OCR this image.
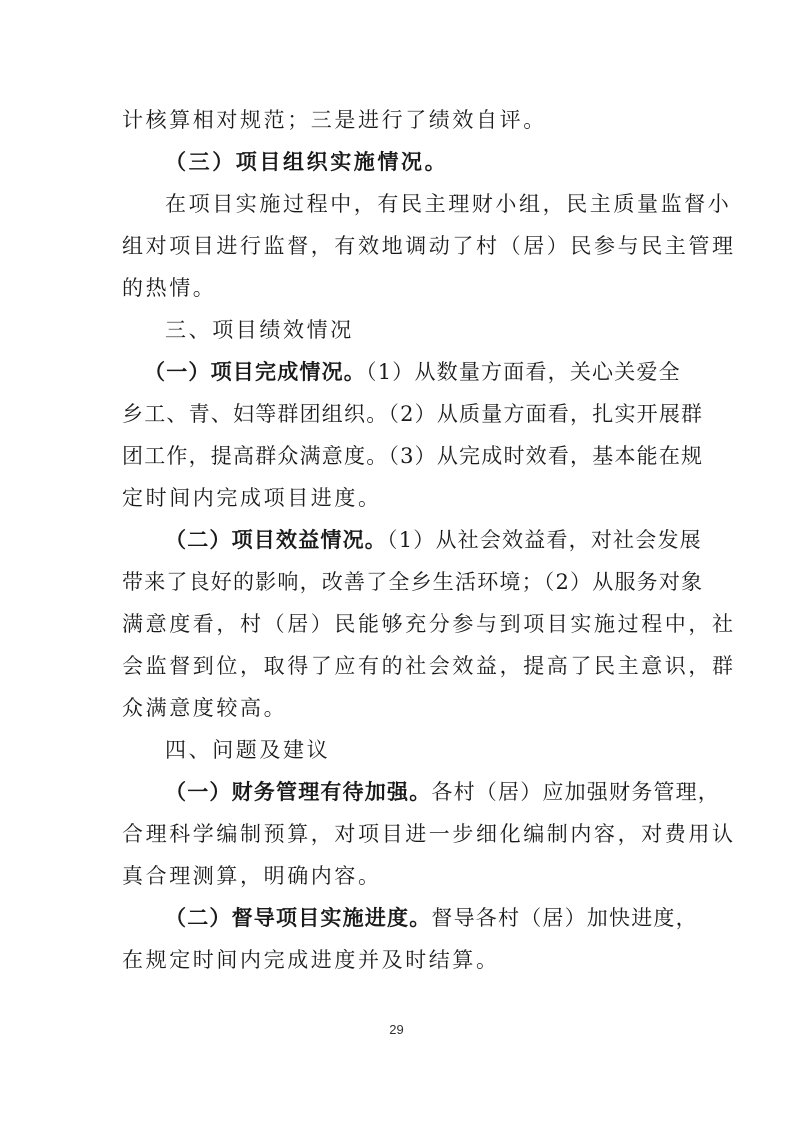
计核算相对规范；三是进行了绩效自评。
（三）项目组织实施情况。
在项目实施过程中，有民主理财小组，民主质量监督小
组对项目进行监督，有效地调动了村（居）民参与民主管理
的热情。
三、项目绩效情况
（一）项目完成情况。（1）从数量方面看，关心关爱全
乡工、青、妇等群团组织。（2）从质量方面看，扎实开展群
团工作，提高群众满意度。（3）从完成时效看，基本能在规
定时间内完成项目进度。
（二）项目效益情况。（1）从社会效益看，对社会发展
带来了良好的影响，改善了全乡生活环境；（2）从服务对象
满意度看，村（居）民能够充分参与到项目实施过程中，社
会监督到位，取得了应有的社会效益，提高了民主意识，群
众满意度较高。
四、问题及建议
（一）财务管理有待加强。各村（居）应加强财务管理，
合理科学编制预算，对项目进一步细化编制内容，对费用认
真合理测算，明确内容。
（二）督导项目实施进度。督导各村（居）加快进度，
在规定时间内完成进度并及时结算。
29
